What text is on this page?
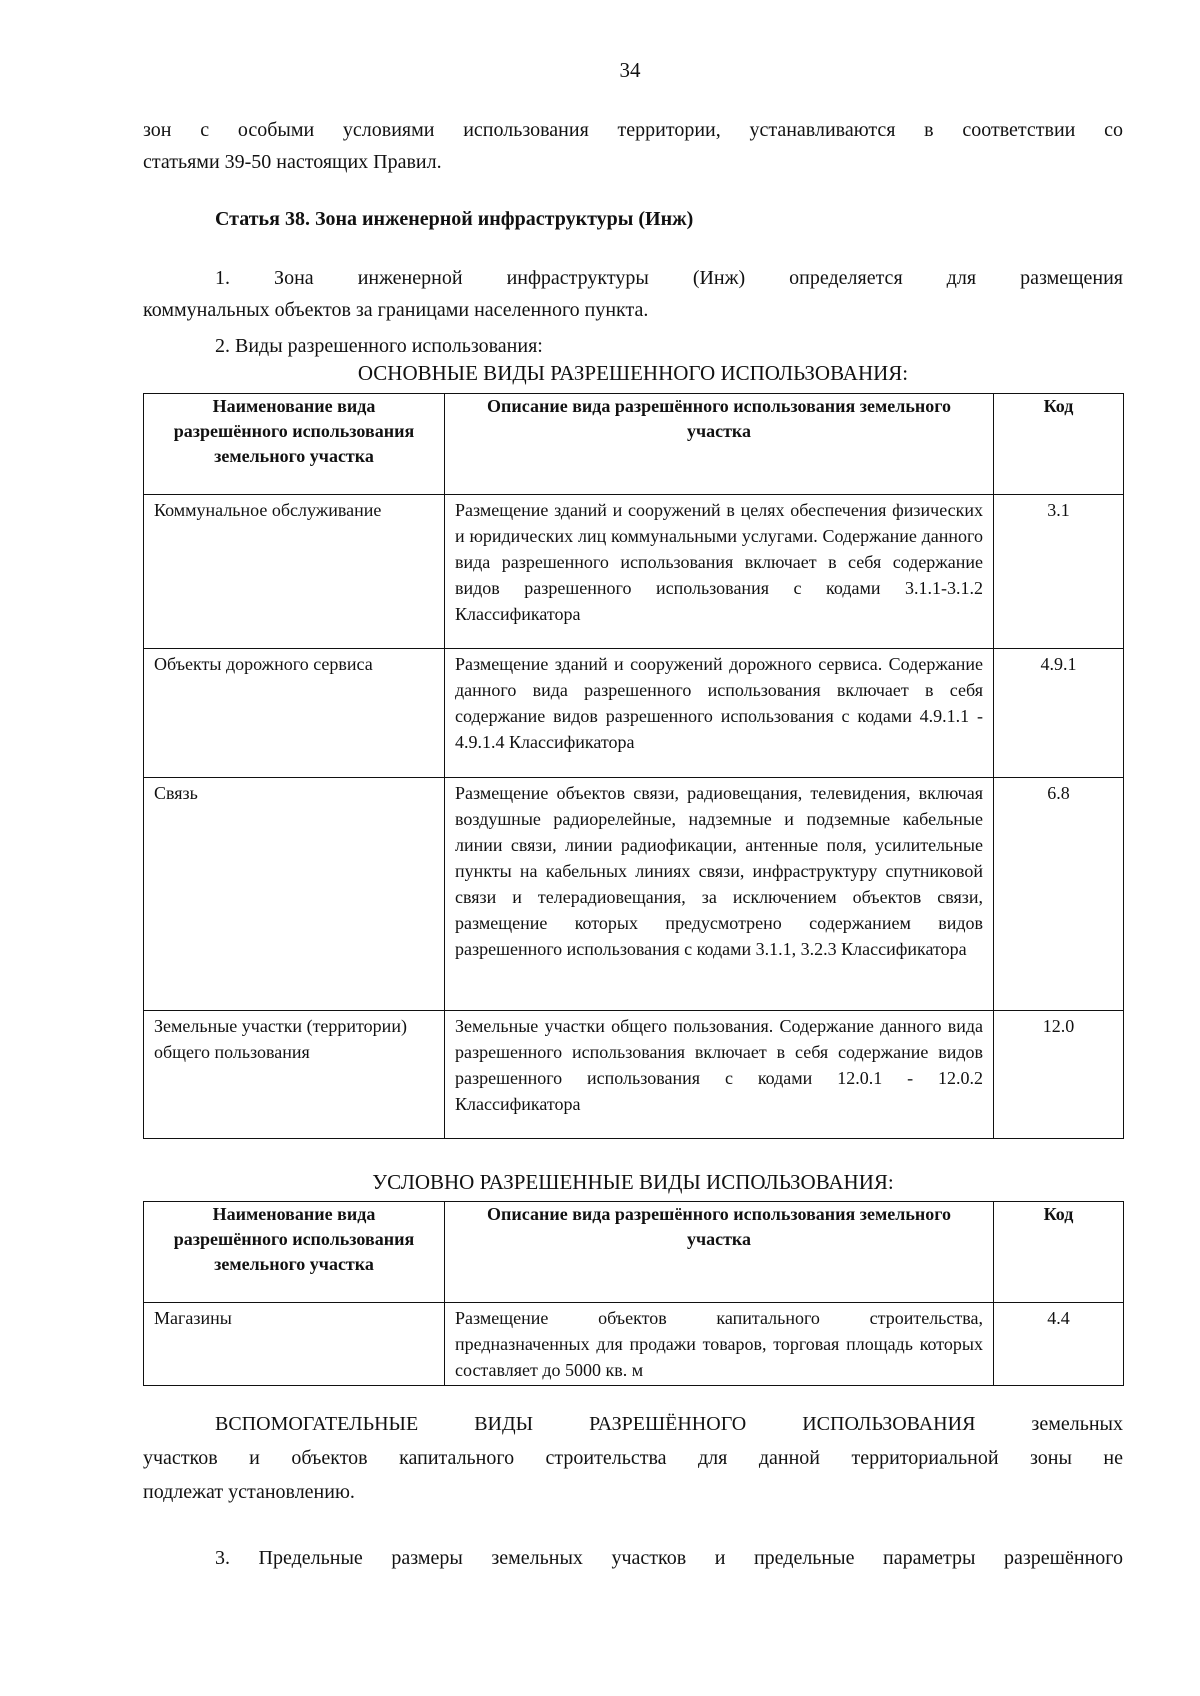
34
зон с особыми условиями использования территории, устанавливаются в соответствии со
статьями 39-50 настоящих Правил.
Статья 38. Зона инженерной инфраструктуры (Инж)
1. Зона инженерной инфраструктуры (Инж) определяется для размещения
коммунальных объектов за границами населенного пункта.
2. Виды разрешенного использования:
ОСНОВНЫЕ ВИДЫ РАЗРЕШЕННОГО ИСПОЛЬЗОВАНИЯ:
Наименование вида разрешённого использования земельного участка	Описание вида разрешённого использования земельного участка	Код
Коммунальное обслуживание	Размещение зданий и сооружений в целях обеспечения физических и юридических лиц коммунальными услугами. Содержание данного вида разрешенного использования включает в себя содержание видов разрешенного использования с кодами 3.1.1-3.1.2 Классификатора	3.1
Объекты дорожного сервиса	Размещение зданий и сооружений дорожного сервиса. Содержание данного вида разрешенного использования включает в себя содержание видов разрешенного использования с кодами 4.9.1.1 - 4.9.1.4 Классификатора	4.9.1
Связь	Размещение объектов связи, радиовещания, телевидения, включая воздушные радиорелейные, надземные и подземные кабельные линии связи, линии радиофикации, антенные поля, усилительные пункты на кабельных линиях связи, инфраструктуру спутниковой связи и телерадиовещания, за исключением объектов связи, размещение которых предусмотрено содержанием видов разрешенного использования с кодами 3.1.1, 3.2.3 Классификатора	6.8
Земельные участки (территории) общего пользования	Земельные участки общего пользования. Содержание данного вида разрешенного использования включает в себя содержание видов разрешенного использования с кодами 12.0.1 - 12.0.2 Классификатора	12.0
УСЛОВНО РАЗРЕШЕННЫЕ ВИДЫ ИСПОЛЬЗОВАНИЯ:
Наименование вида разрешённого использования земельного участка	Описание вида разрешённого использования земельного участка	Код
Магазины	Размещение объектов капитального строительства, предназначенных для продажи товаров, торговая площадь которых составляет до 5000 кв. м	4.4
ВСПОМОГАТЕЛЬНЫЕ ВИДЫ РАЗРЕШЁННОГО ИСПОЛЬЗОВАНИЯ земельных
участков и объектов капитального строительства для данной территориальной зоны не
подлежат установлению.
3. Предельные размеры земельных участков и предельные параметры разрешённого
